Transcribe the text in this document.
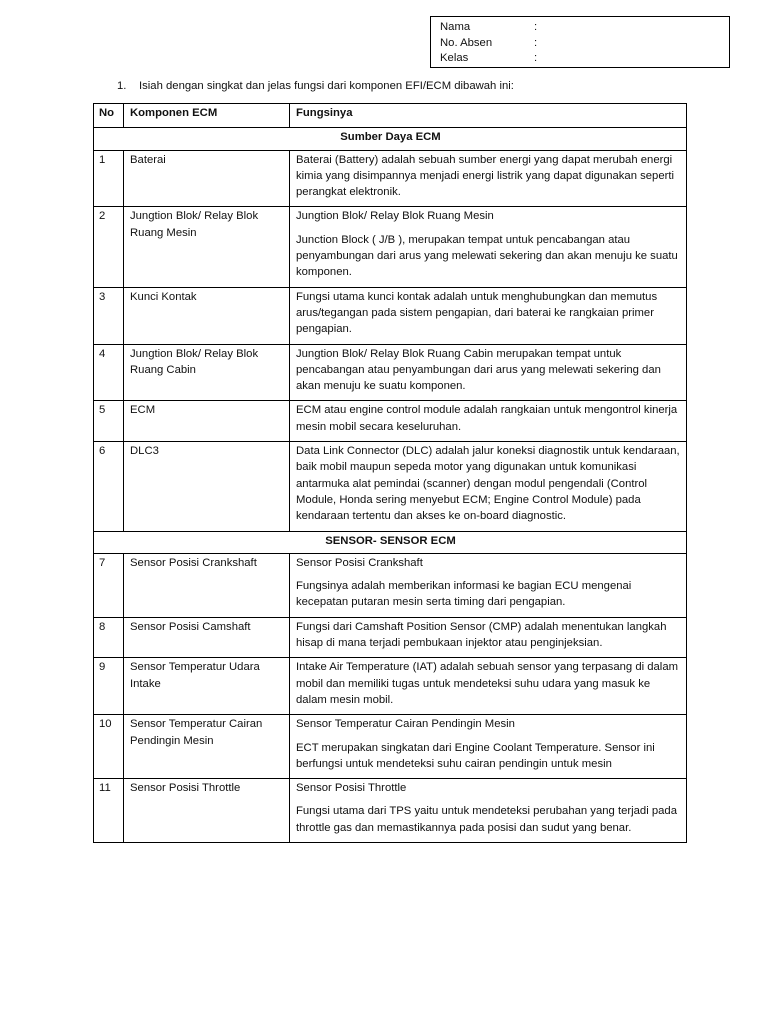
Nama	:
No. Absen	:
Kelas	:
1. Isiah dengan singkat dan jelas fungsi dari komponen EFI/ECM dibawah ini:
No	Komponen ECM	Fungsinya
Sumber Daya ECM		
1	Baterai	Baterai (Battery) adalah sebuah sumber energi yang dapat merubah energi kimia yang disimpannya menjadi energi listrik yang dapat digunakan seperti perangkat elektronik.
2	Jungtion Blok/ Relay Blok Ruang Mesin	Jungtion Blok/ Relay Blok Ruang Mesin
Junction Block ( J/B ), merupakan tempat untuk pencabangan atau penyambungan dari arus yang melewati sekering dan akan menuju ke suatu komponen.
3	Kunci Kontak	Fungsi utama kunci kontak adalah untuk menghubungkan dan memutus arus/tegangan pada sistem pengapian, dari baterai ke rangkaian primer pengapian.
4	Jungtion Blok/ Relay Blok Ruang Cabin	Jungtion Blok/ Relay Blok Ruang Cabin merupakan tempat untuk pencabangan atau penyambungan dari arus yang melewati sekering dan akan menuju ke suatu komponen.
5	ECM	ECM atau engine control module adalah rangkaian untuk mengontrol kinerja mesin mobil secara keseluruhan.
6	DLC3	Data Link Connector (DLC) adalah jalur koneksi diagnostik untuk kendaraan, baik mobil maupun sepeda motor yang digunakan untuk komunikasi antarmuka alat pemindai (scanner) dengan modul pengendali (Control Module, Honda sering menyebut ECM; Engine Control Module) pada kendaraan tertentu dan akses ke on-board diagnostic.
SENSOR- SENSOR ECM		
7	Sensor Posisi Crankshaft	Sensor Posisi Crankshaft
Fungsinya adalah memberikan informasi ke bagian ECU mengenai kecepatan putaran mesin serta timing dari pengapian.
8	Sensor Posisi Camshaft	Fungsi dari Camshaft Position Sensor (CMP) adalah menentukan langkah hisap di mana terjadi pembukaan injektor atau penginjeksian.
9	Sensor Temperatur Udara Intake	Intake Air Temperature (IAT) adalah sebuah sensor yang terpasang di dalam mobil dan memiliki tugas untuk mendeteksi suhu udara yang masuk ke dalam mesin mobil.
10	Sensor Temperatur Cairan Pendingin Mesin	Sensor Temperatur Cairan Pendingin Mesin
ECT merupakan singkatan dari Engine Coolant Temperature. Sensor ini berfungsi untuk mendeteksi suhu cairan pendingin untuk mesin
11	Sensor Posisi Throttle	Sensor Posisi Throttle
Fungsi utama dari TPS yaitu untuk mendeteksi perubahan yang terjadi pada throttle gas dan memastikannya pada posisi dan sudut yang benar.
